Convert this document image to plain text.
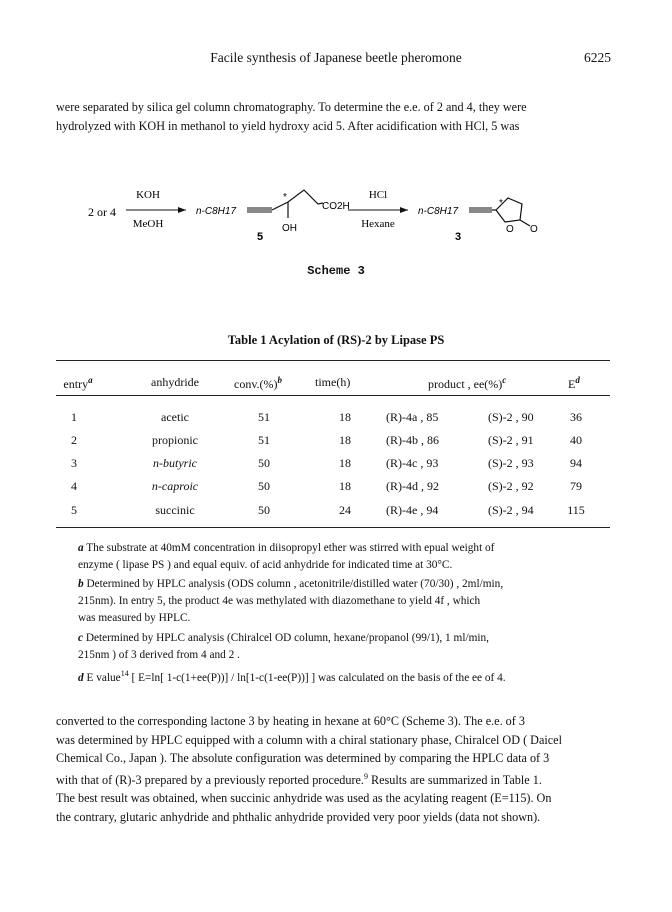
Facile synthesis of Japanese beetle pheromone	6225
were separated by silica gel column chromatography. To determine the e.e. of 2 and 4, they were
hydrolyzed with KOH in methanol to yield hydroxy acid 5. After acidification with HCl, 5 was
2 or 4
KOH
MeOH
n-C8H17
*
CO2H
OH
5
HCl
Hexane
n-C8H17
*
O O
3
Scheme 3
Table 1 Acylation of (RS)-2 by Lipase PS
entry$^a$	anhydride	conv.(%)$^b$	time(h)	product , ee(%)$^c$	$E^d$
1	acetic	51	18	(R)-4a , 85	(S)-2 , 90	36
2	propionic	51	18	(R)-4b , 86	(S)-2 , 91	40
3	n-butyric	50	18	(R)-4c , 93	(S)-2 , 93	94
4	n-caproic	50	18	(R)-4d , 92	(S)-2 , 92	79
5	succinic	50	24	(R)-4e , 94	(S)-2 , 94	115
a The substrate at 40mM concentration in diisopropyl ether was stirred with epual weight of
enzyme ( lipase PS ) and equal equiv. of acid anhydride for indicated time at 30°C.
b Determined by HPLC analysis (ODS column , acetonitrile/distilled water (70/30) , 2ml/min,
215nm). In entry 5, the product 4e was methylated with diazomethane to yield 4f , which
was measured by HPLC.
c Determined by HPLC analysis (Chiralcel OD column, hexane/propanol (99/1), 1 ml/min,
215nm ) of 3 derived from 4 and 2 .
d E value$^{14}$ [ E=ln[ 1-c(1+ee(P))] / ln[1-c(1-ee(P))] ] was calculated on the basis of the ee of 4.
converted to the corresponding lactone 3 by heating in hexane at 60°C (Scheme 3). The e.e. of 3
was determined by HPLC equipped with a column with a chiral stationary phase, Chiralcel OD ( Daicel
Chemical Co., Japan ). The absolute configuration was determined by comparing the HPLC data of 3
with that of (R)-3 prepared by a previously reported procedure.$^9$ Results are summarized in Table 1.
The best result was obtained, when succinic anhydride was used as the acylating reagent (E=115). On
the contrary, glutaric anhydride and phthalic anhydride provided very poor yields (data not shown).
